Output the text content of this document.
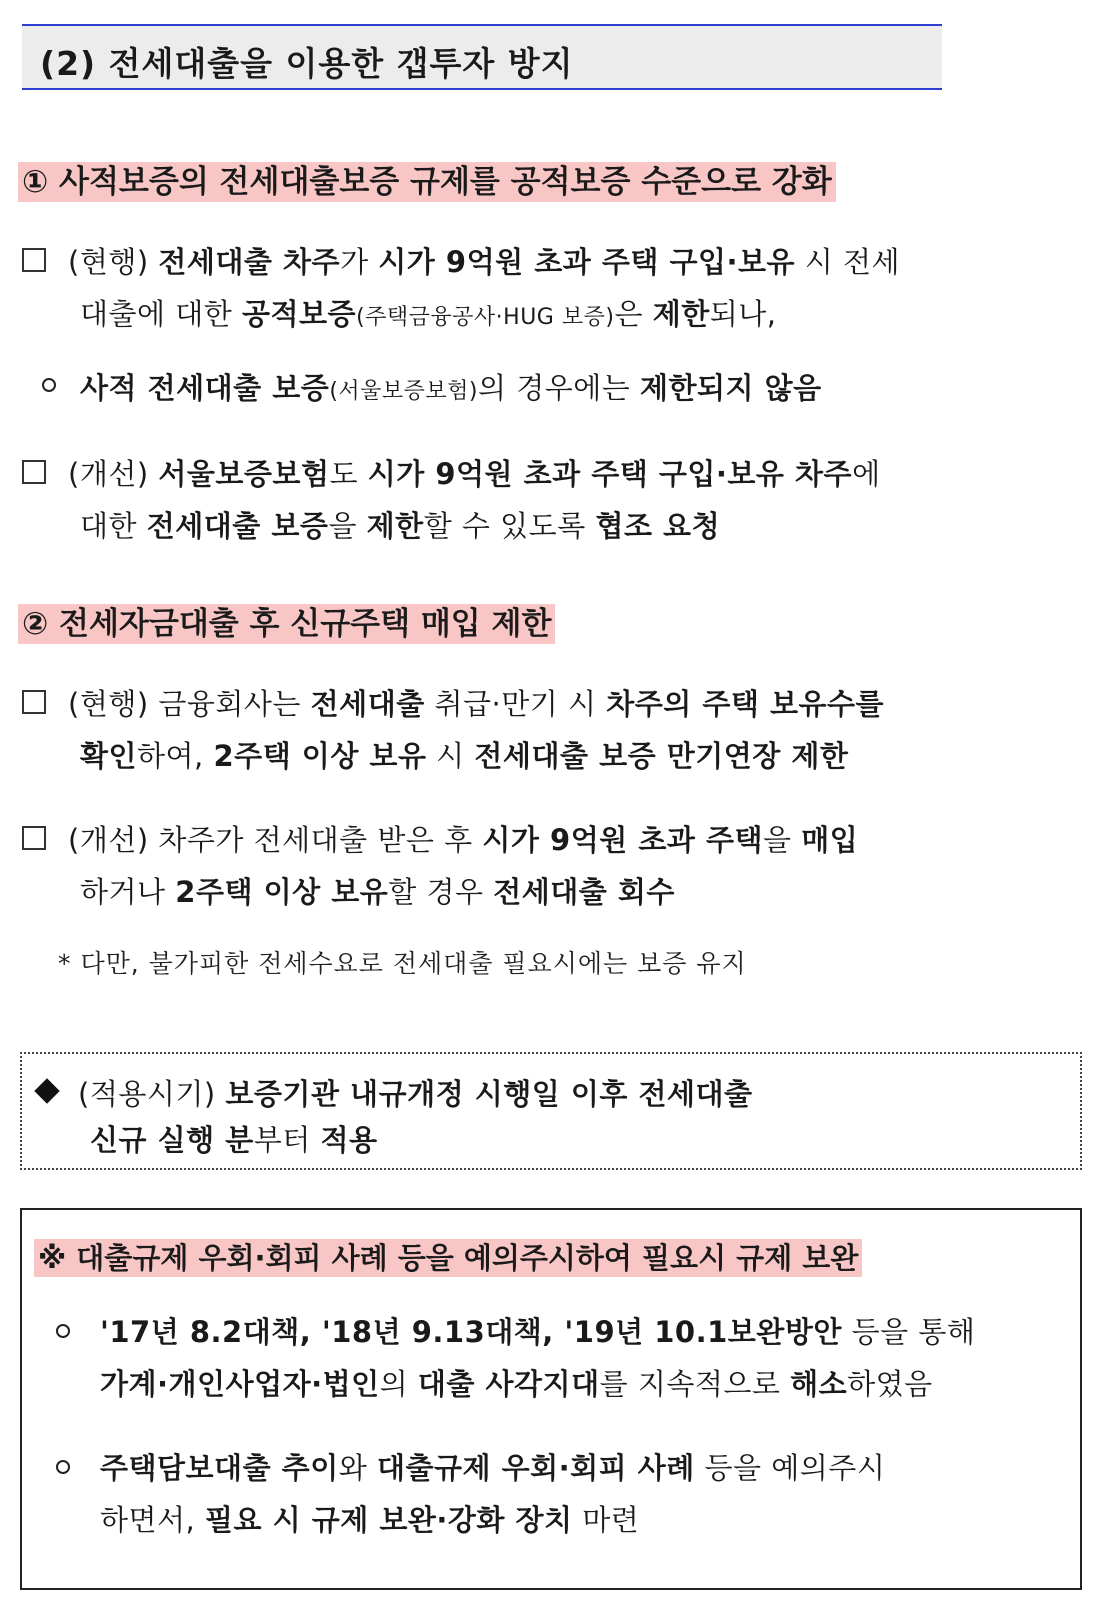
(2) 전세대출을 이용한 갭투자 방지
① 사적보증의 전세대출보증 규제를 공적보증 수준으로 강화
(현행) 전세대출 차주가 시가 9억원 초과 주택 구입·보유 시 전세
대출에 대한 공적보증(주택금융공사·HUG 보증)은 제한되나,
사적 전세대출 보증(서울보증보험)의 경우에는 제한되지 않음
(개선) 서울보증보험도 시가 9억원 초과 주택 구입·보유 차주에
대한 전세대출 보증을 제한할 수 있도록 협조 요청
② 전세자금대출 후 신규주택 매입 제한
(현행) 금융회사는 전세대출 취급·만기 시 차주의 주택 보유수를
확인하여, 2주택 이상 보유 시 전세대출 보증 만기연장 제한
(개선) 차주가 전세대출 받은 후 시가 9억원 초과 주택을 매입
하거나 2주택 이상 보유할 경우 전세대출 회수
* 다만, 불가피한 전세수요로 전세대출 필요시에는 보증 유지
(적용시기) 보증기관 내규개정 시행일 이후 전세대출
신규 실행 분부터 적용
※ 대출규제 우회·회피 사례 등을 예의주시하여 필요시 규제 보완
'17년 8.2대책, '18년 9.13대책, '19년 10.1보완방안 등을 통해
가계·개인사업자·법인의 대출 사각지대를 지속적으로 해소하였음
주택담보대출 추이와 대출규제 우회·회피 사례 등을 예의주시
하면서, 필요 시 규제 보완·강화 장치 마련
